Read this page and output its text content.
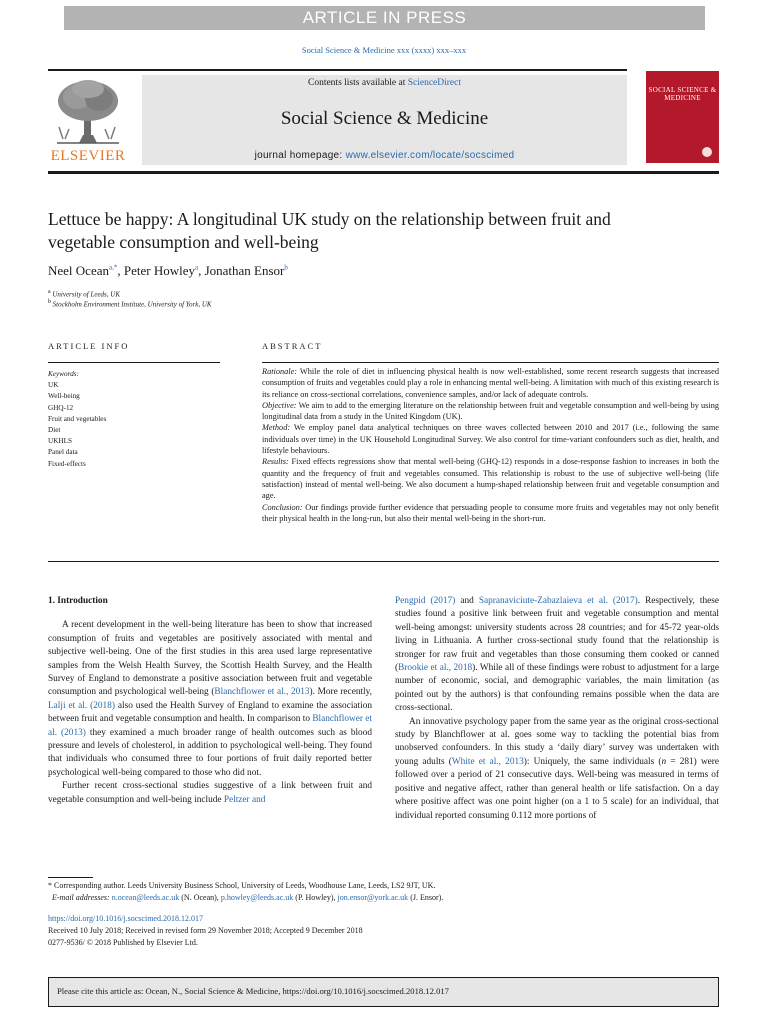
ARTICLE IN PRESS
Social Science & Medicine xxx (xxxx) xxx–xxx
ELSEVIER
Contents lists available at ScienceDirect
Social Science & Medicine
journal homepage: www.elsevier.com/locate/socscimed
SOCIAL SCIENCE & MEDICINE
Lettuce be happy: A longitudinal UK study on the relationship between fruit and vegetable consumption and well-being
Neel Ocean$^{a,*}$, Peter Howley$^a$, Jonathan Ensor$^b$
$^a$ University of Leeds, UK
$^b$ Stockholm Environment Institute, University of York, UK
ARTICLE INFO	ABSTRACT
Keywords:
UK
Well-being
GHQ-12
Fruit and vegetables
Diet
UKHLS
Panel data
Fixed-effects

Rationale: While the role of diet in influencing physical health is now well-established, some recent research suggests that increased consumption of fruits and vegetables could play a role in enhancing mental well-being. A limitation with much of this existing research is its reliance on cross-sectional correlations, convenience samples, and/or lack of adequate controls.

Objective: We aim to add to the emerging literature on the relationship between fruit and vegetable consumption and well-being by using longitudinal data from a study in the United Kingdom (UK).

Method: We employ panel data analytical techniques on three waves collected between 2010 and 2017 (i.e., following the same individuals over time) in the UK Household Longitudinal Survey. We also control for time-variant confounders such as diet, health, and lifestyle behaviours.

Results: Fixed effects regressions show that mental well-being (GHQ-12) responds in a dose-response fashion to increases in both the quantity and the frequency of fruit and vegetables consumed. This relationship is robust to the use of subjective well-being (life satisfaction) instead of mental well-being. We also document a hump-shaped relationship between fruit and vegetable consumption and age.

Conclusion: Our findings provide further evidence that persuading people to consume more fruits and vegetables may not only benefit their physical health in the long-run, but also their mental well-being in the short-run.

1. Introduction

A recent development in the well-being literature has been to show that increased consumption of fruits and vegetables are positively associated with mental and subjective well-being. One of the first studies in this area used large representative samples from the Welsh Health Survey, the Scottish Health Survey, and the Health Survey of England to demonstrate a positive association between fruit and vegetable consumption and psychological well-being (Blanchflower et al., 2013). More recently, Lalji et al. (2018) also used the Health Survey of England to examine the association between fruit and vegetable consumption and health. In comparison to Blanchflower et al. (2013) they examined a much broader range of health outcomes such as blood pressure and levels of cholesterol, in addition to psychological well-being. They found that individuals who consumed three to four portions of fruit daily reported better psychological well-being compared to those who did not.

Further recent cross-sectional studies suggestive of a link between fruit and vegetable consumption and well-being include Peltzer and

Pengpid (2017) and Sapranaviciute-Zabazlaieva et al. (2017). Respectively, these studies found a positive link between fruit and vegetable consumption and mental well-being amongst: university students across 28 countries; and for 45-72 year-olds living in Lithuania. A further cross-sectional study found that the relationship is stronger for raw fruit and vegetables than those consuming them cooked or canned (Brookie et al., 2018). While all of these findings were robust to adjustment for a large number of economic, social, and demographic variables, the main limitation (as pointed out by the authors) is that confounding remains possible when the data are cross-sectional.

An innovative psychology paper from the same year as the original cross-sectional study by Blanchflower at al. goes some way to tackling the potential bias from unobserved confounders. In this study a ‘daily diary’ survey was undertaken with young adults (White et al., 2013): Uniquely, the same individuals (n = 281) were followed over a period of 21 consecutive days. Well-being was measured in terms of positive and negative affect, rather than general health or life satisfaction. On a day where positive affect was one point higher (on a 1 to 5 scale) for an individual, that individual reported consuming 0.112 more portions of

* Corresponding author. Leeds University Business School, University of Leeds, Woodhouse Lane, Leeds, LS2 9JT, UK.
E-mail addresses: n.ocean@leeds.ac.uk (N. Ocean), p.howley@leeds.ac.uk (P. Howley), jon.ensor@york.ac.uk (J. Ensor).
https://doi.org/10.1016/j.socscimed.2018.12.017
Received 10 July 2018; Received in revised form 29 November 2018; Accepted 9 December 2018
0277-9536/ © 2018 Published by Elsevier Ltd.
Please cite this article as: Ocean, N., Social Science & Medicine, https://doi.org/10.1016/j.socscimed.2018.12.017
